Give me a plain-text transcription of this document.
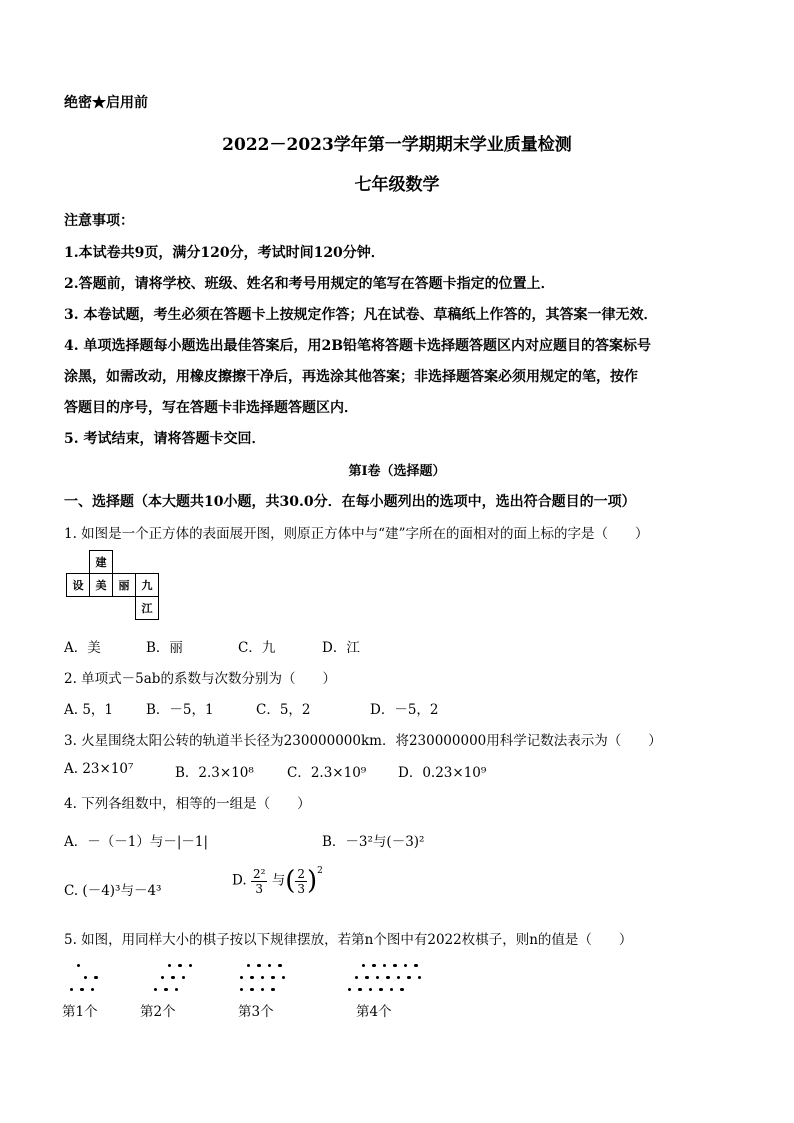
绝密★启用前
2022－2023学年第一学期期末学业质量检测
七年级数学
注意事项：
1.本试卷共9页，满分120分，考试时间120分钟．
2.答题前，请将学校、班级、姓名和考号用规定的笔写在答题卡指定的位置上．
3. 本卷试题，考生必须在答题卡上按规定作答；凡在试卷、草稿纸上作答的，其答案一律无效．
4. 单项选择题每小题选出最佳答案后，用2B铅笔将答题卡选择题答题区内对应题目的答案标号
涂黑，如需改动，用橡皮擦擦干净后，再选涂其他答案；非选择题答案必须用规定的笔，按作
答题目的序号，写在答题卡非选择题答题区内．
5. 考试结束，请将答题卡交回．
第I卷（选择题）
一、选择题（本大题共10小题，共30.0分．在每小题列出的选项中，选出符合题目的一项）
1. 如图是一个正方体的表面展开图，则原正方体中与“建”字所在的面相对的面上标的字是（　　）
	建		
设	美	丽	九
			江
A．美	B．丽	C．九	D．江
2. 单项式－5ab的系数与次数分别为（　　）
A. 5，1 B．－5，1	C．5，2	D．－5，2
3. 火星围绕太阳公转的轨道半长径为230000000km．将230000000用科学记数法表示为（　　）
A. 23×10⁷	B．2.3×10⁸ C．2.3×10⁹ D．0.23×10⁹
4. 下列各组数中，相等的一组是（　　）
A．－（－1）与－|－1|	B．－3²与(－3)²
C. (－4)³与－4³
D. $\frac{\text{2²}}{3}$ 与( $\frac{2}{3} )^2$
5. 如图，用同样大小的棋子按以下规律摆放，若第n个图中有2022枚棋子，则n的值是（　　）
第1个	第2个	第3个	第4个
